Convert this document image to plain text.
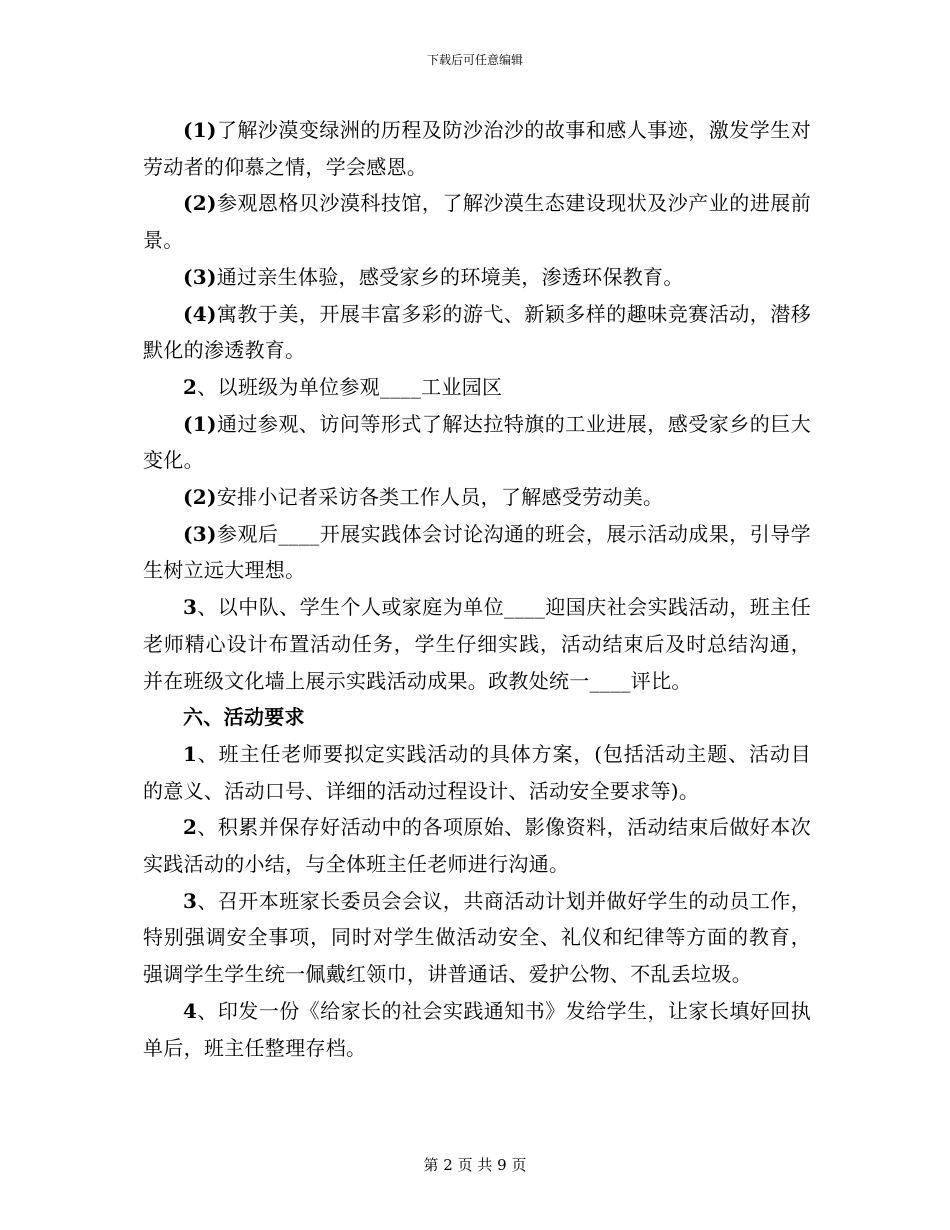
下载后可任意编辑

(1)了解沙漠变绿洲的历程及防沙治沙的故事和感人事迹，激发学生对劳动者的仰慕之情，学会感恩。

(2)参观恩格贝沙漠科技馆，了解沙漠生态建设现状及沙产业的进展前景。

(3)通过亲生体验，感受家乡的环境美，渗透环保教育。

(4)寓教于美，开展丰富多彩的游弋、新颖多样的趣味竞赛活动，潜移默化的渗透教育。

2、以班级为单位参观____工业园区

(1)通过参观、访问等形式了解达拉特旗的工业进展，感受家乡的巨大变化。

(2)安排小记者采访各类工作人员，了解感受劳动美。

(3)参观后____开展实践体会讨论沟通的班会，展示活动成果，引导学生树立远大理想。

3、以中队、学生个人或家庭为单位____迎国庆社会实践活动，班主任老师精心设计布置活动任务，学生仔细实践，活动结束后及时总结沟通，并在班级文化墙上展示实践活动成果。政教处统一____评比。

六、活动要求

1、班主任老师要拟定实践活动的具体方案，(包括活动主题、活动目的意义、活动口号、详细的活动过程设计、活动安全要求等)。

2、积累并保存好活动中的各项原始、影像资料，活动结束后做好本次实践活动的小结，与全体班主任老师进行沟通。

3、召开本班家长委员会会议，共商活动计划并做好学生的动员工作，特别强调安全事项，同时对学生做活动安全、礼仪和纪律等方面的教育，强调学生学生统一佩戴红领巾，讲普通话、爱护公物、不乱丢垃圾。

4、印发一份《给家长的社会实践通知书》发给学生，让家长填好回执单后，班主任整理存档。

第 2 页 共 9 页
